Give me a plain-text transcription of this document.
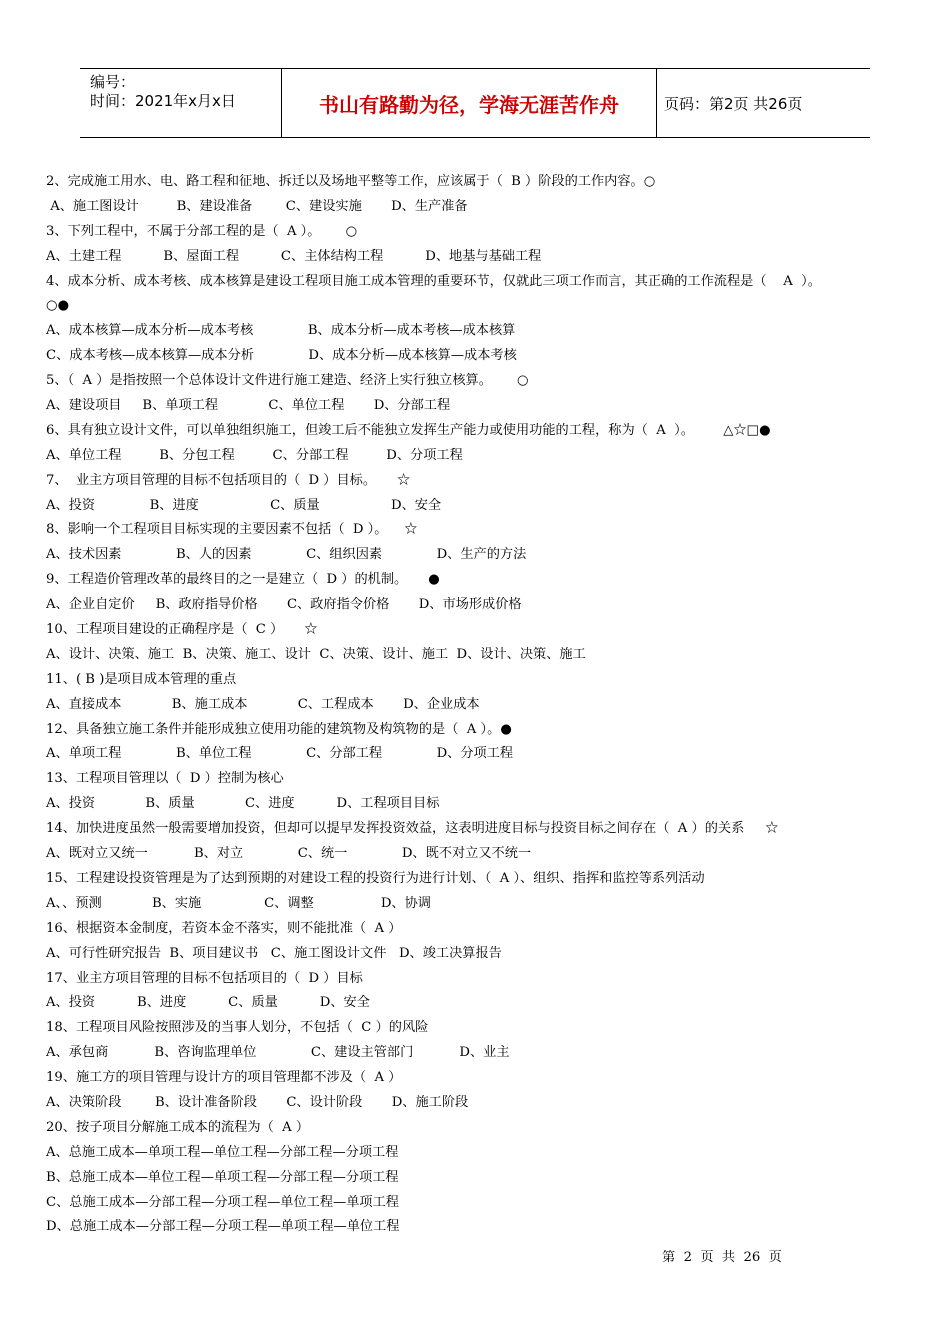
编号：
时间：2021年x月x日	书山有路勤为径，学海无涯苦作舟	页码：第2页 共26页
2、完成施工用水、电、路工程和征地、拆迁以及场地平整等工作，应该属于（  B ）阶段的工作内容。○
A、施工图设计         B、建设准备        C、建设实施       D、生产准备
3、下列工程中，不属于分部工程的是（  A ）。      ○
A、土建工程          B、屋面工程          C、主体结构工程          D、地基与基础工程
4、成本分析、成本考核、成本核算是建设工程项目施工成本管理的重要环节，仅就此三项工作而言，其正确的工作流程是（    A  ）。
○●
A、成本核算—成本分析—成本考核             B、成本分析—成本考核—成本核算
C、成本考核—成本核算—成本分析             D、成本分析—成本核算—成本考核
5、（  A ）是指按照一个总体设计文件进行施工建造、经济上实行独立核算。      ○
A、建设项目     B、单项工程            C、单位工程       D、分部工程
6、具有独立设计文件，可以单独组织施工，但竣工后不能独立发挥生产能力或使用功能的工程，称为（  A  ）。       △☆□●
A、单位工程         B、分包工程         C、分部工程         D、分项工程
7、  业主方项目管理的目标不包括项目的（  D ）目标。     ☆
A、投资             B、进度                 C、质量                 D、安全
8、影响一个工程项目目标实现的主要因素不包括（  D ）。    ☆
A、技术因素             B、人的因素             C、组织因素             D、生产的方法
9、工程造价管理改革的最终目的之一是建立（  D ）的机制。     ●
A、企业自定价     B、政府指导价格       C、政府指令价格       D、市场形成价格
10、工程项目建设的正确程序是（  C ）     ☆
A、设计、决策、施工  B、决策、施工、设计  C、决策、设计、施工  D、设计、决策、施工
11、( B )是项目成本管理的重点
A、直接成本            B、施工成本            C、工程成本       D、企业成本
12、具备独立施工条件并能形成独立使用功能的建筑物及构筑物的是（  A ）。●
A、单项工程             B、单位工程             C、分部工程             D、分项工程
13、工程项目管理以（  D ）控制为核心
A、投资            B、质量            C、进度          D、工程项目目标
14、加快进度虽然一般需要增加投资，但却可以提早发挥投资效益，这表明进度目标与投资目标之间存在（  A ）的关系     ☆
A、既对立又统一           B、对立             C、统一             D、既不对立又不统一
15、工程建设投资管理是为了达到预期的对建设工程的投资行为进行计划、（  A ）、组织、指挥和监控等系列活动
A、、预测            B、实施               C、调整                D、协调
16、根据资本金制度，若资本金不落实，则不能批准（  A ）
A、可行性研究报告  B、项目建议书   C、施工图设计文件   D、竣工决算报告
17、业主方项目管理的目标不包括项目的（  D ）目标
A、投资          B、进度          C、质量          D、安全
18、工程项目风险按照涉及的当事人划分，不包括（  C ）的风险
A、承包商           B、咨询监理单位             C、建设主管部门           D、业主
19、施工方的项目管理与设计方的项目管理都不涉及（  A ）
A、决策阶段        B、设计准备阶段       C、设计阶段       D、施工阶段
20、按子项目分解施工成本的流程为（  A ）
A、总施工成本—单项工程—单位工程—分部工程—分项工程
B、总施工成本—单位工程—单项工程—分部工程—分项工程
C、总施工成本—分部工程—分项工程—单位工程—单项工程
D、总施工成本—分部工程—分项工程—单项工程—单位工程
第  2  页  共  26  页
